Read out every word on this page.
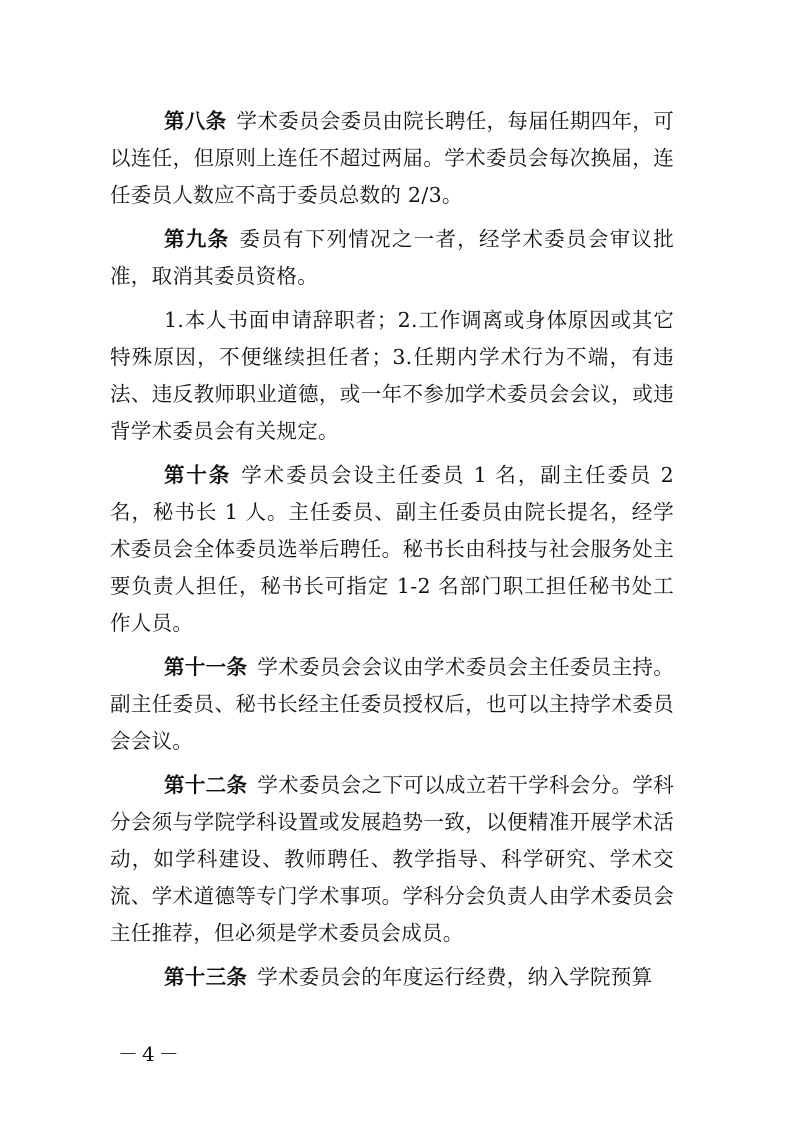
第八条 学术委员会委员由院长聘任，每届任期四年，可以连任，但原则上连任不超过两届。学术委员会每次换届，连任委员人数应不高于委员总数的 2/3。

第九条 委员有下列情况之一者，经学术委员会审议批准，取消其委员资格。

1.本人书面申请辞职者；2.工作调离或身体原因或其它特殊原因，不便继续担任者；3.任期内学术行为不端，有违法、违反教师职业道德，或一年不参加学术委员会会议，或违背学术委员会有关规定。

第十条 学术委员会设主任委员 1 名，副主任委员 2 名，秘书长 1 人。主任委员、副主任委员由院长提名，经学术委员会全体委员选举后聘任。秘书长由科技与社会服务处主要负责人担任，秘书长可指定 1-2 名部门职工担任秘书处工作人员。

第十一条 学术委员会会议由学术委员会主任委员主持。副主任委员、秘书长经主任委员授权后，也可以主持学术委员会会议。

第十二条 学术委员会之下可以成立若干学科会分。学科分会须与学院学科设置或发展趋势一致，以便精准开展学术活动，如学科建设、教师聘任、教学指导、科学研究、学术交流、学术道德等专门学术事项。学科分会负责人由学术委员会主任推荐，但必须是学术委员会成员。

第十三条 学术委员会的年度运行经费，纳入学院预算

－4－
